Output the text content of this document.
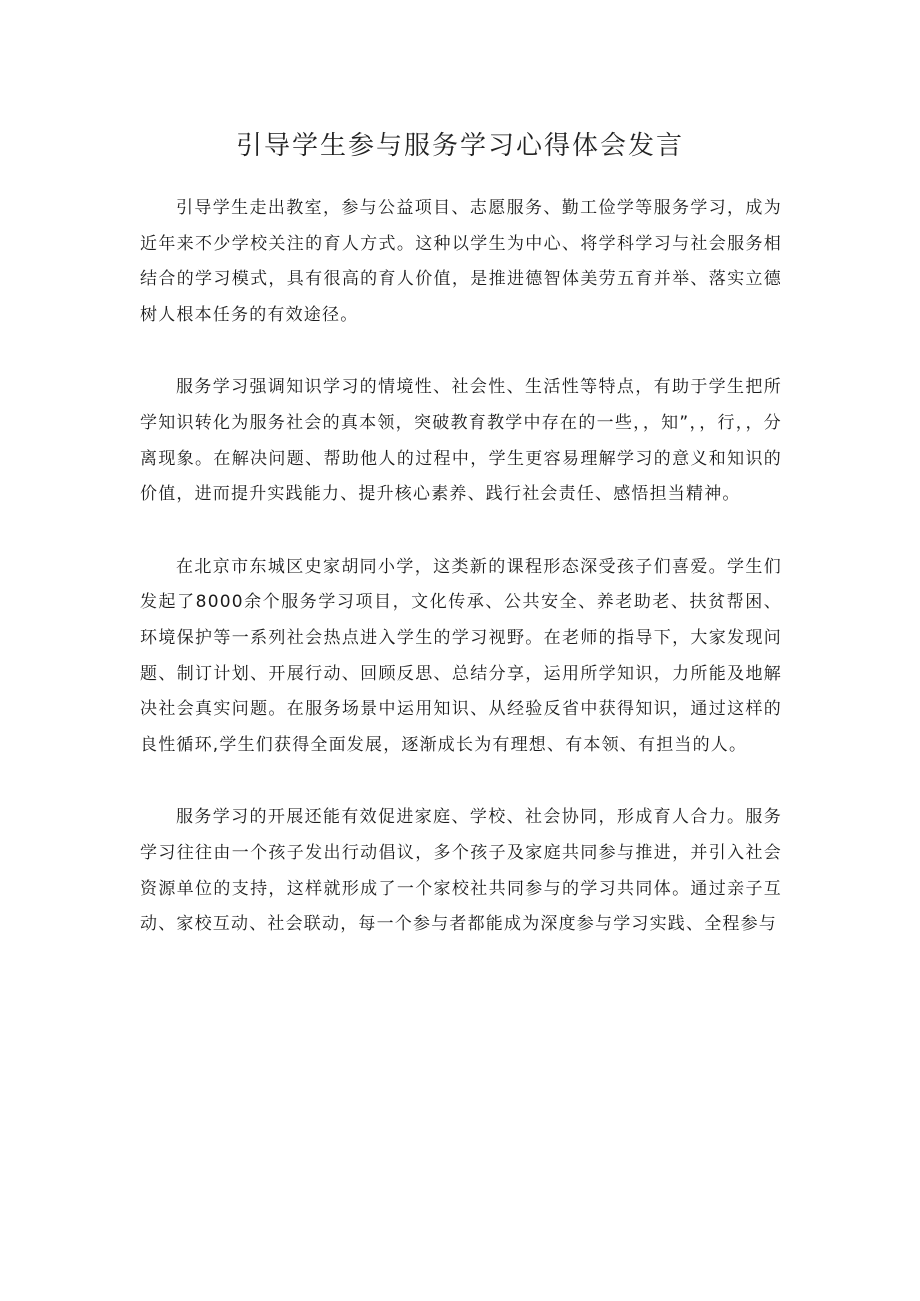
引导学生参与服务学习心得体会发言

引导学生走出教室，参与公益项目、志愿服务、勤工俭学等服务学习，成为近年来不少学校关注的育人方式。这种以学生为中心、将学科学习与社会服务相结合的学习模式，具有很高的育人价值，是推进德智体美劳五育并举、落实立德树人根本任务的有效途径。

服务学习强调知识学习的情境性、社会性、生活性等特点，有助于学生把所学知识转化为服务社会的真本领，突破教育教学中存在的一些，，知”，，行，，分离现象。在解决问题、帮助他人的过程中，学生更容易理解学习的意义和知识的价值，进而提升实践能力、提升核心素养、践行社会责任、感悟担当精神。

在北京市东城区史家胡同小学，这类新的课程形态深受孩子们喜爱。学生们发起了8000余个服务学习项目，文化传承、公共安全、养老助老、扶贫帮困、环境保护等一系列社会热点进入学生的学习视野。在老师的指导下，大家发现问题、制订计划、开展行动、回顾反思、总结分享，运用所学知识，力所能及地解决社会真实问题。在服务场景中运用知识、从经验反省中获得知识，通过这样的良性循环,学生们获得全面发展，逐渐成长为有理想、有本领、有担当的人。

服务学习的开展还能有效促进家庭、学校、社会协同，形成育人合力。服务学习往往由一个孩子发出行动倡议，多个孩子及家庭共同参与推进，并引入社会资源单位的支持，这样就形成了一个家校社共同参与的学习共同体。通过亲子互动、家校互动、社会联动，每一个参与者都能成为深度参与学习实践、全程参与
